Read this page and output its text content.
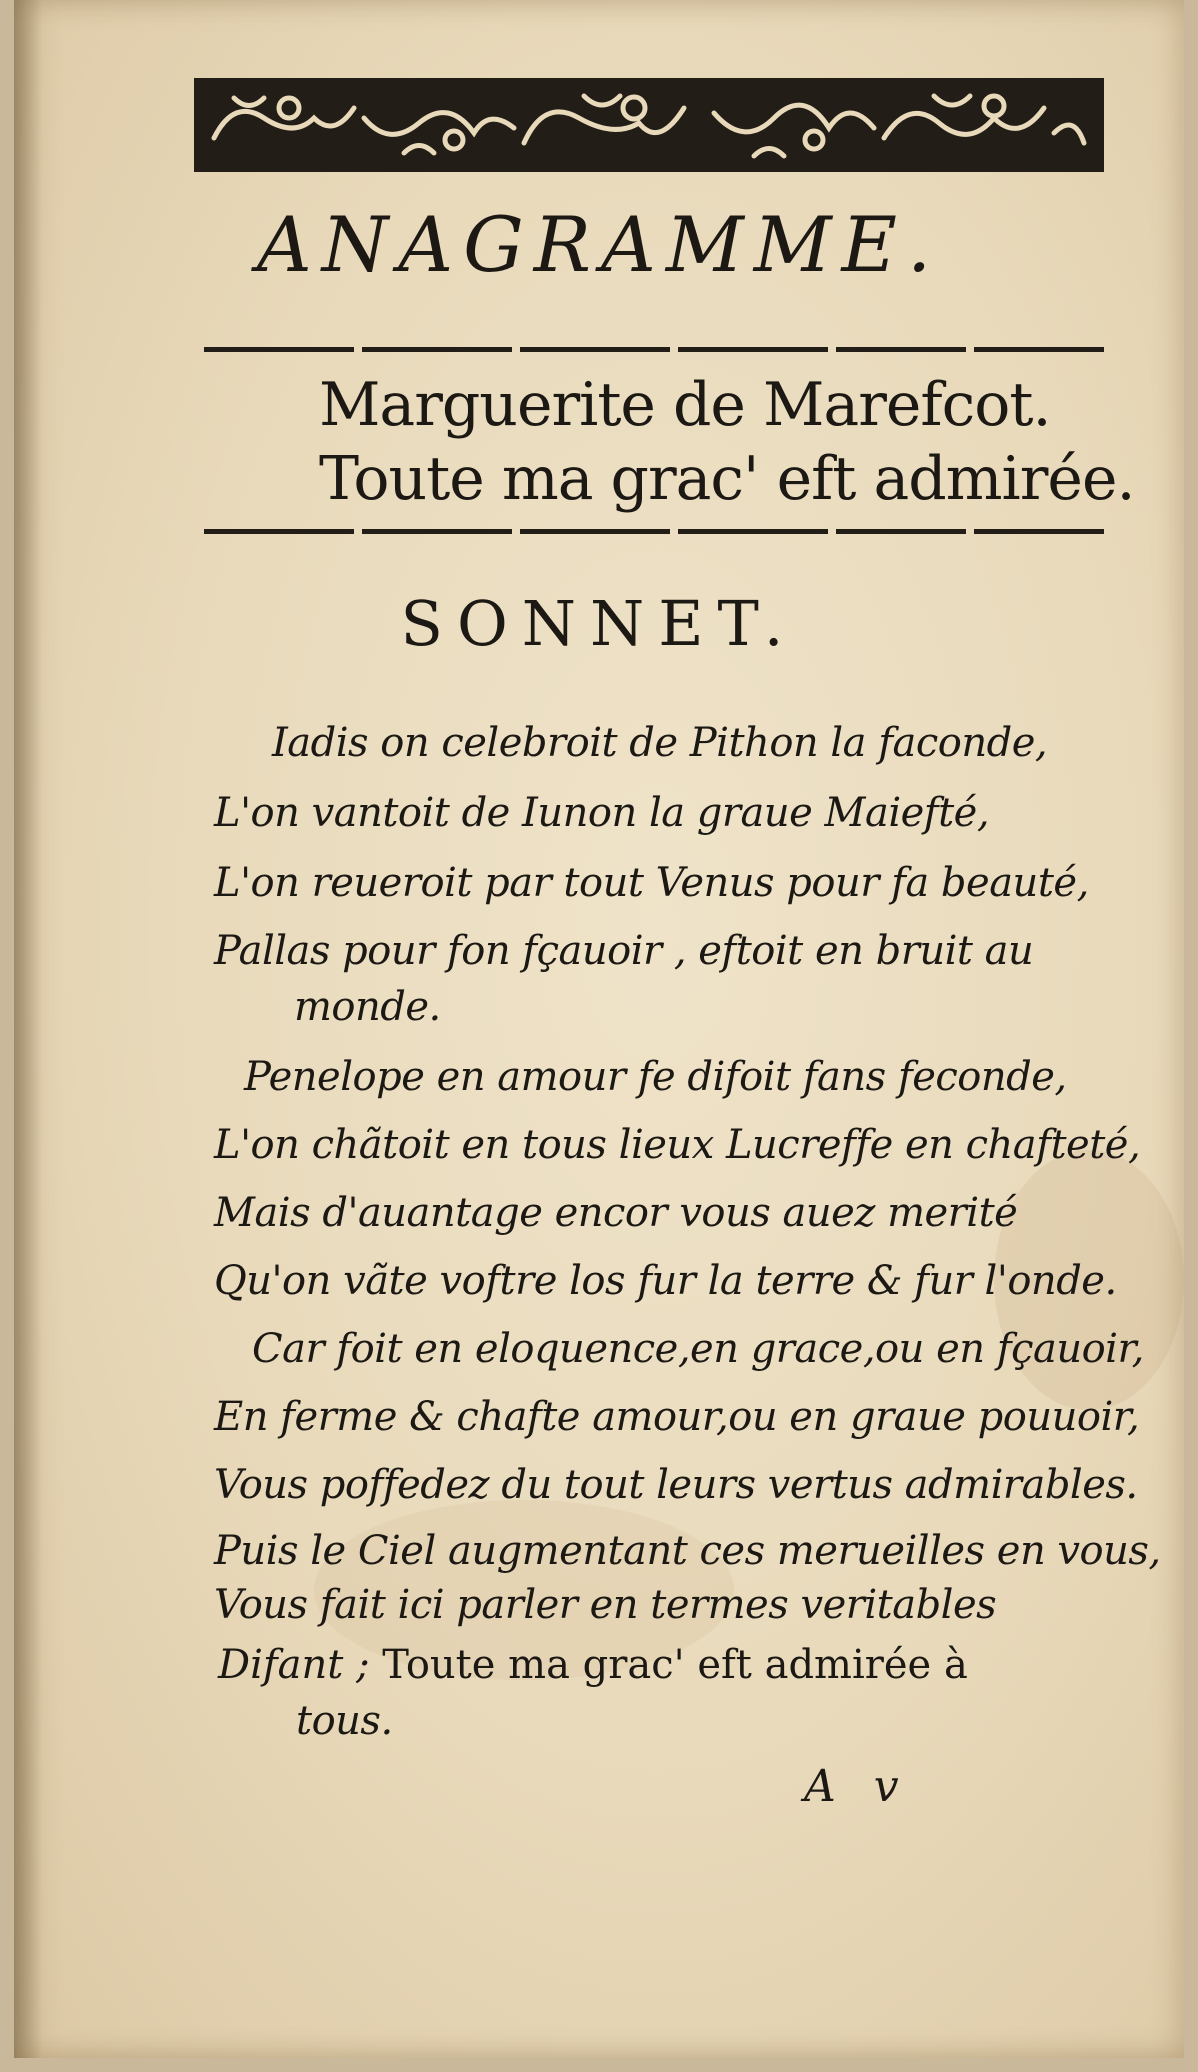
ANAGRAMME.
Marguerite de Marefcot.
Toute ma grac' eft admirée.
SONNET.
Iadis on celebroit de Pithon la faconde,
L'on vantoit de Iunon la graue Maiefté,
L'on reueroit par tout Venus pour fa beauté,
Pallas pour fon fçauoir , eftoit en bruit au
monde.
Penelope en amour fe difoit fans feconde,
L'on chãtoit en tous lieux Lucreffe en chafteté,
Mais d'auantage encor vous auez merité
Qu'on vãte voftre los fur la terre & fur l'onde.
Car foit en eloquence,en grace,ou en fçauoir,
En ferme & chafte amour,ou en graue pouuoir,
Vous poffedez du tout leurs vertus admirables.
Puis le Ciel augmentant ces merueilles en vous,
Vous fait ici parler en termes veritables
Difant ; Toute ma grac' eft admirée à
tous.
A v
